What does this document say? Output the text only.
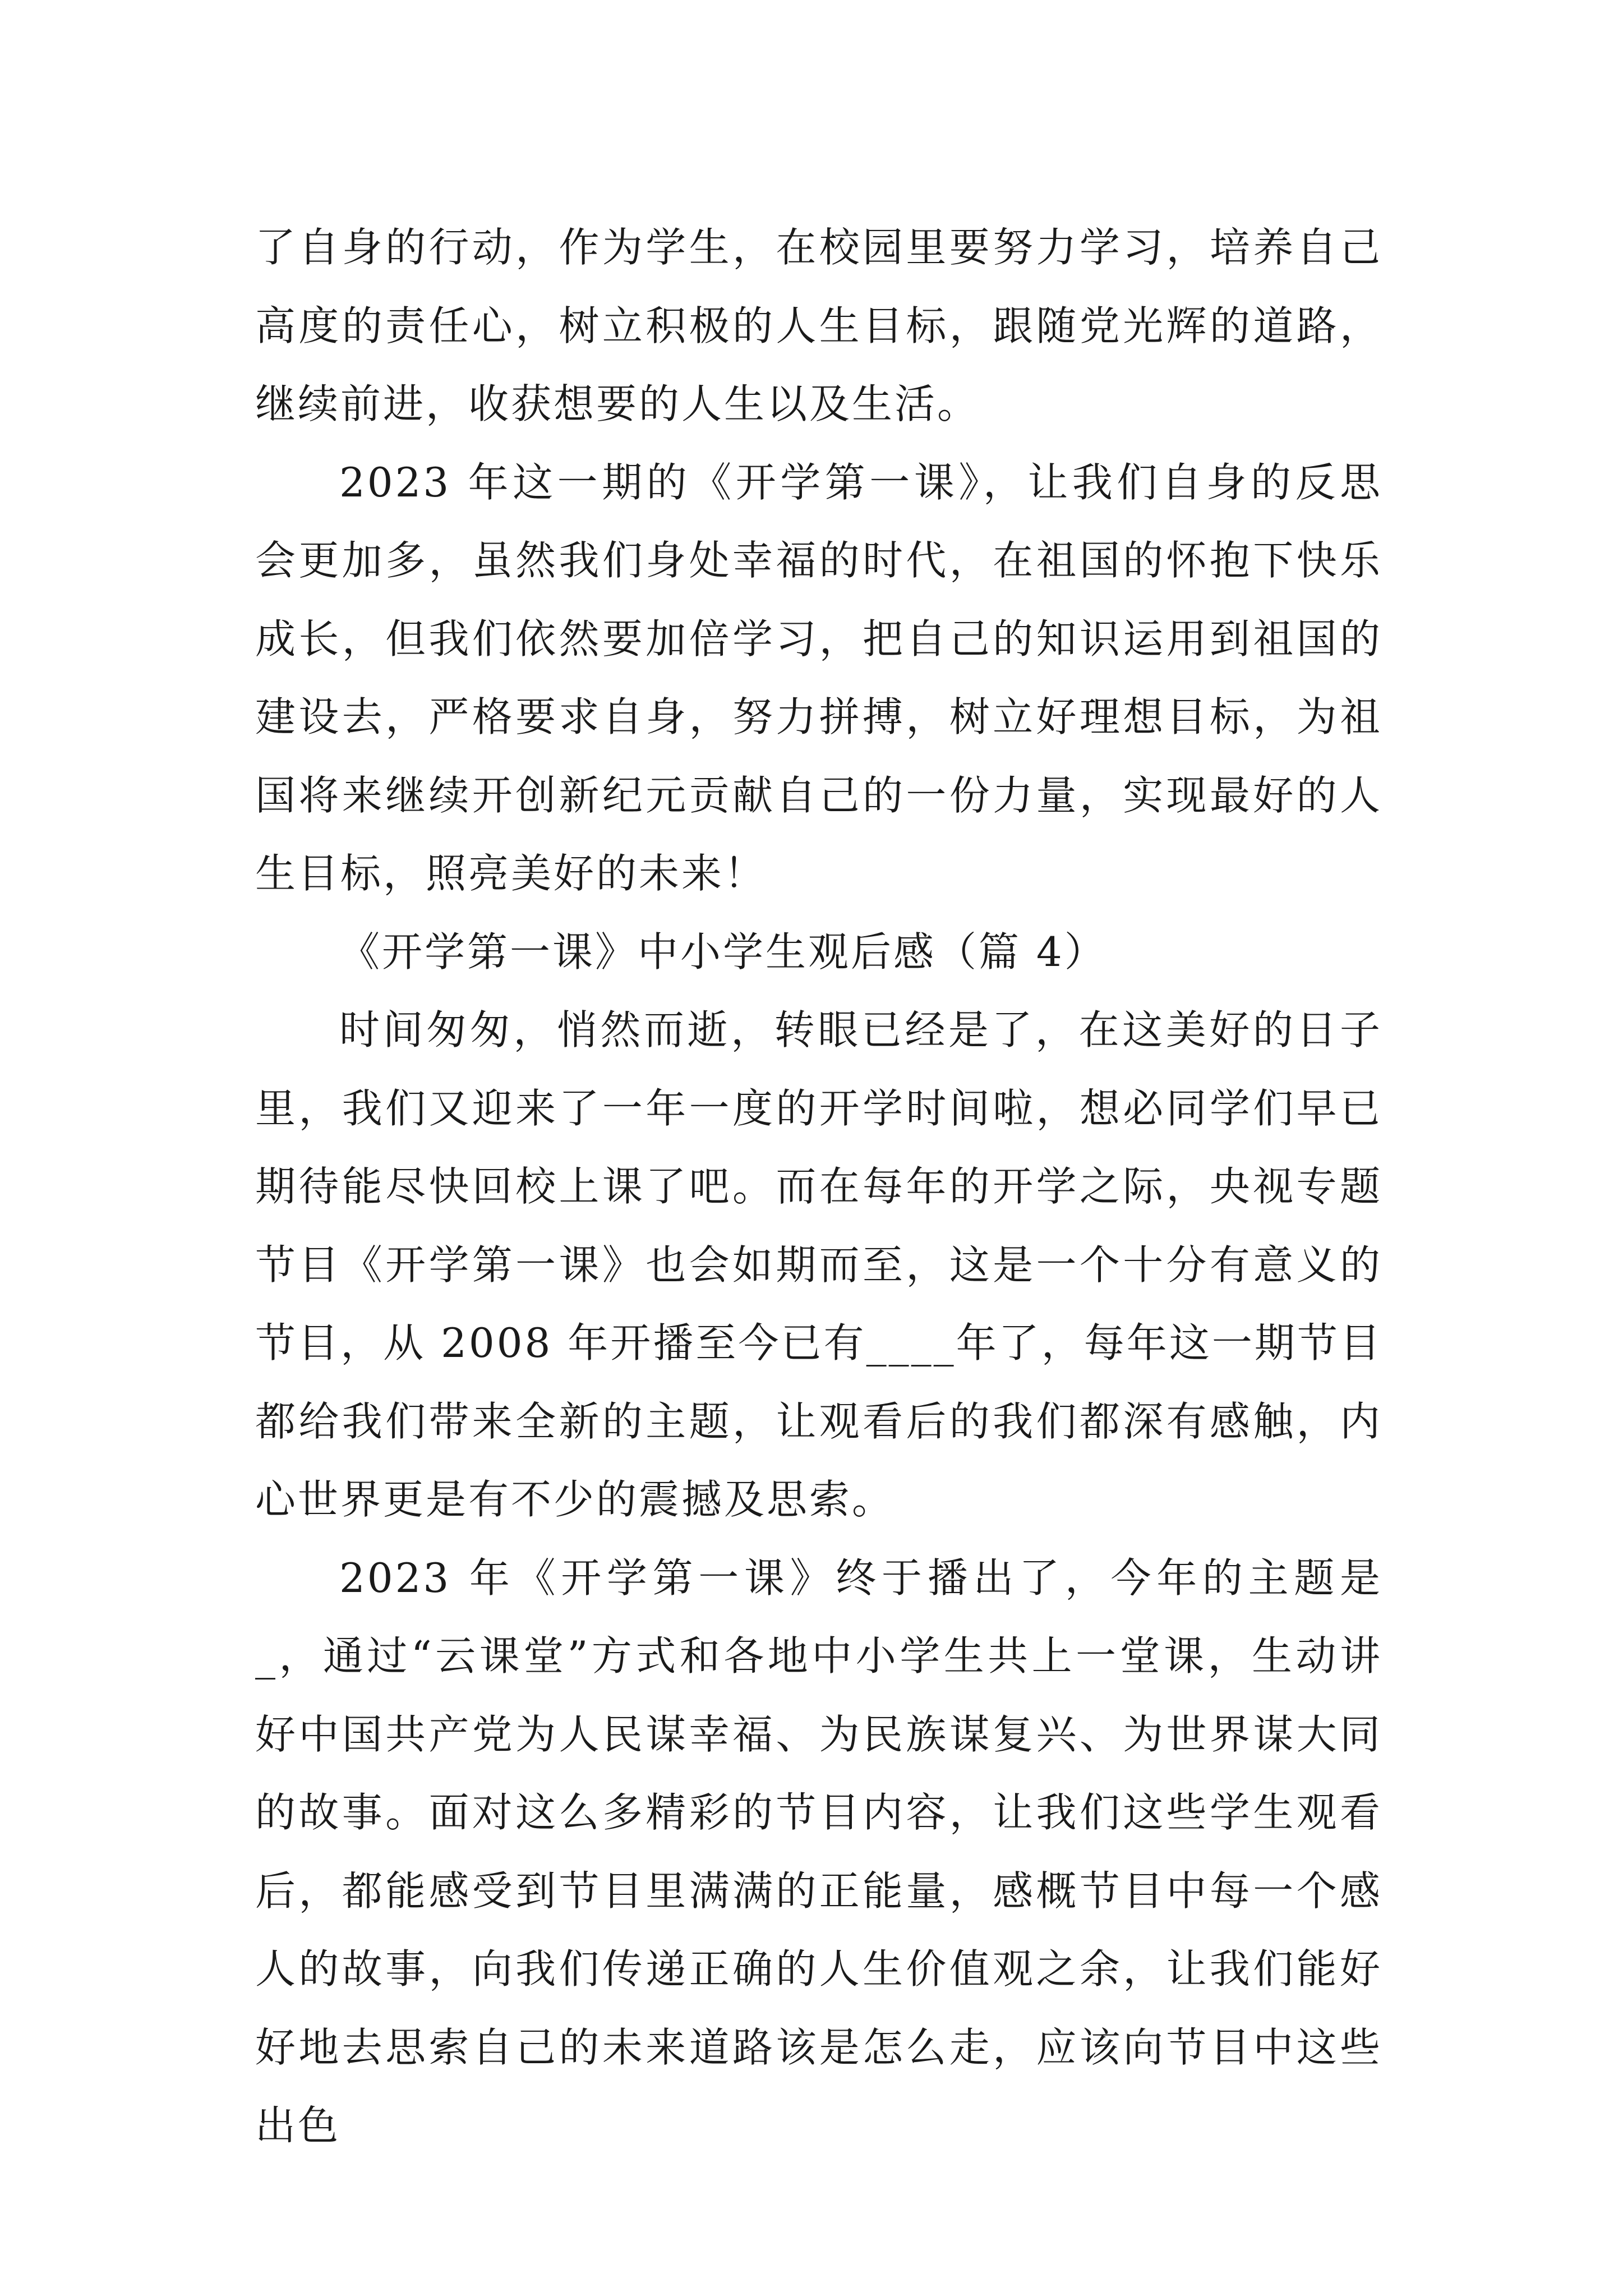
了自身的行动，作为学生，在校园里要努力学习，培养自己高度的责任心，树立积极的人生目标，跟随党光辉的道路，继续前进，收获想要的人生以及生活。

2023 年这一期的《开学第一课》，让我们自身的反思会更加多，虽然我们身处幸福的时代，在祖国的怀抱下快乐成长，但我们依然要加倍学习，把自己的知识运用到祖国的建设去，严格要求自身，努力拼搏，树立好理想目标，为祖国将来继续开创新纪元贡献自己的一份力量，实现最好的人生目标，照亮美好的未来！

《开学第一课》中小学生观后感（篇 4）

时间匆匆，悄然而逝，转眼已经是了，在这美好的日子里，我们又迎来了一年一度的开学时间啦，想必同学们早已期待能尽快回校上课了吧。而在每年的开学之际，央视专题节目《开学第一课》也会如期而至，这是一个十分有意义的节目，从 2008 年开播至今已有____年了，每年这一期节目都给我们带来全新的主题，让观看后的我们都深有感触，内心世界更是有不少的震撼及思索。

2023 年《开学第一课》终于播出了，今年的主题是_，通过“云课堂”方式和各地中小学生共上一堂课，生动讲好中国共产党为人民谋幸福、为民族谋复兴、为世界谋大同的故事。面对这么多精彩的节目内容，让我们这些学生观看后，都能感受到节目里满满的正能量，感概节目中每一个感人的故事，向我们传递正确的人生价值观之余，让我们能好好地去思索自己的未来道路该是怎么走，应该向节目中这些出色
